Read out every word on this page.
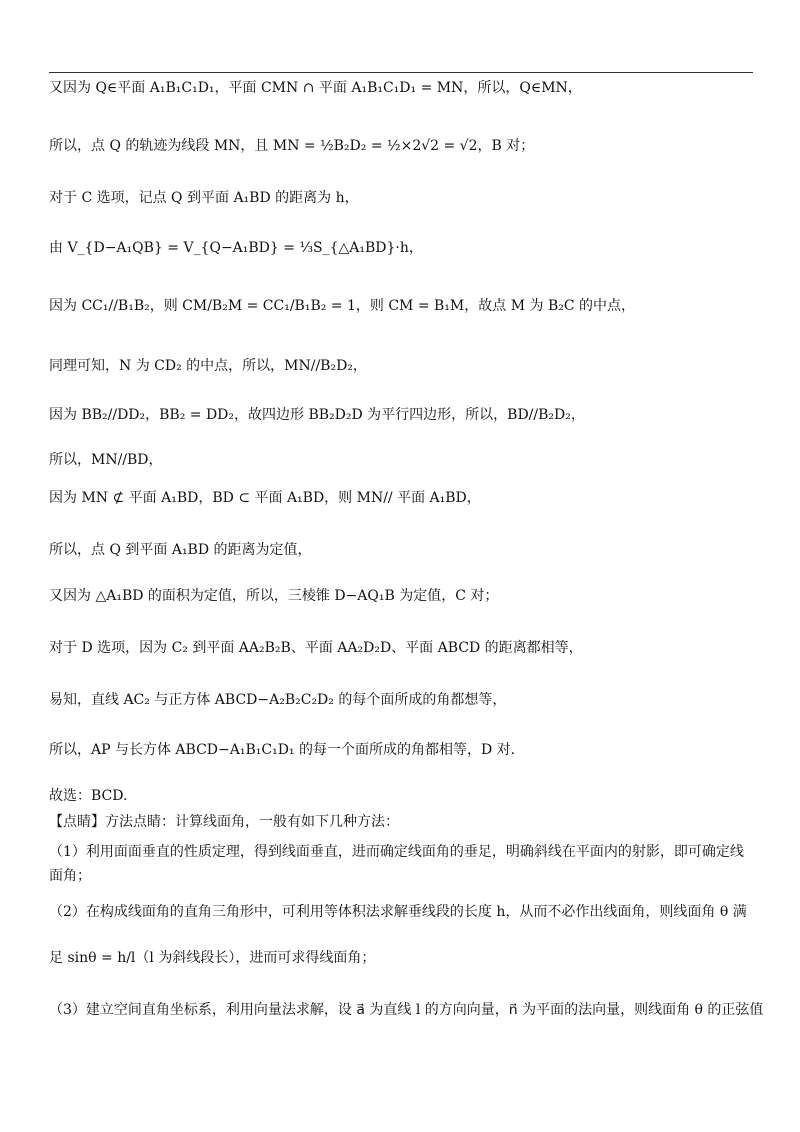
又因为 Q∈平面 A₁B₁C₁D₁，平面 CMN ∩ 平面 A₁B₁C₁D₁ = MN，所以，Q∈MN，
所以，点 Q 的轨迹为线段 MN，且 MN = ½B₂D₂ = ½×2√2 = √2，B 对；
对于 C 选项，记点 Q 到平面 A₁BD 的距离为 h，
由 V_{D−A₁QB} = V_{Q−A₁BD} = ⅓S_{△A₁BD}·h，
因为 CC₁//B₁B₂，则 CM/B₂M = CC₁/B₁B₂ = 1，则 CM = B₁M，故点 M 为 B₂C 的中点，
同理可知，N 为 CD₂ 的中点，所以，MN//B₂D₂，
因为 BB₂//DD₂，BB₂ = DD₂，故四边形 BB₂D₂D 为平行四边形，所以，BD//B₂D₂，
所以，MN//BD，
因为 MN ⊄ 平面 A₁BD，BD ⊂ 平面 A₁BD，则 MN// 平面 A₁BD，
所以，点 Q 到平面 A₁BD 的距离为定值，
又因为 △A₁BD 的面积为定值，所以，三棱锥 D−AQ₁B 为定值，C 对；
对于 D 选项，因为 C₂ 到平面 AA₂B₂B、平面 AA₂D₂D、平面 ABCD 的距离都相等，
易知，直线 AC₂ 与正方体 ABCD−A₂B₂C₂D₂ 的每个面所成的角都想等，
所以，AP 与长方体 ABCD−A₁B₁C₁D₁ 的每一个面所成的角都相等，D 对.
故选：BCD.
【点睛】方法点睛：计算线面角，一般有如下几种方法：
（1）利用面面垂直的性质定理，得到线面垂直，进而确定线面角的垂足，明确斜线在平面内的射影，即可确定线面角；
（2）在构成线面角的直角三角形中，可利用等体积法求解垂线段的长度 h，从而不必作出线面角，则线面角 θ 满
足 sinθ = h/l（l 为斜线段长），进而可求得线面角；
（3）建立空间直角坐标系，利用向量法求解，设 a⃗ 为直线 l 的方向向量，n⃗ 为平面的法向量，则线面角 θ 的正弦值
